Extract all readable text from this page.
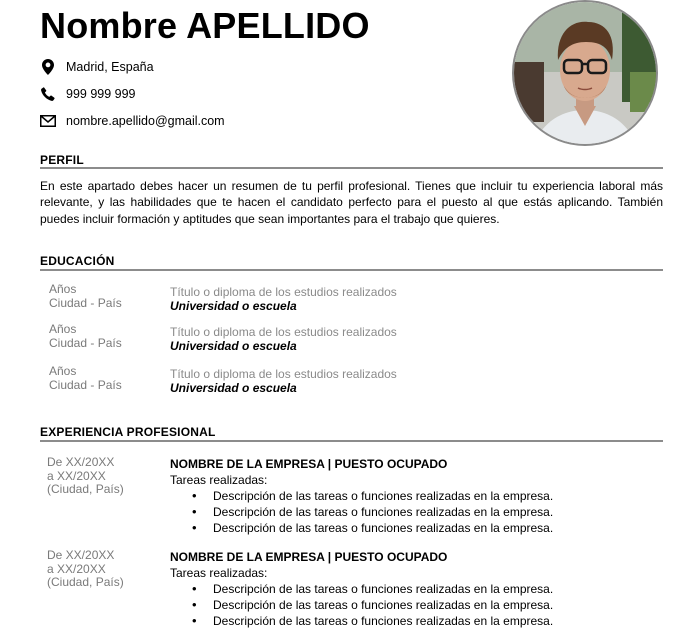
Nombre APELLIDO
Madrid, España
999 999 999
nombre.apellido@gmail.com
PERFIL

En este apartado debes hacer un resumen de tu perfil profesional. Tienes que incluir tu experiencia laboral más relevante, y las habilidades que te hacen el candidato perfecto para el puesto al que estás aplicando. También puedes incluir formación y aptitudes que sean importantes para el trabajo que quieres.

EDUCACIÓN
Años
Ciudad - País
Título o diploma de los estudios realizados
Universidad o escuela
Años
Ciudad - País
Título o diploma de los estudios realizados
Universidad o escuela
Años
Ciudad - País
Título o diploma de los estudios realizados
Universidad o escuela
EXPERIENCIA PROFESIONAL
De XX/20XX
a XX/20XX
(Ciudad, País)
NOMBRE DE LA EMPRESA | PUESTO OCUPADO
Tareas realizadas:
• Descripción de las tareas o funciones realizadas en la empresa.
• Descripción de las tareas o funciones realizadas en la empresa.
• Descripción de las tareas o funciones realizadas en la empresa.
De XX/20XX
a XX/20XX
(Ciudad, País)
NOMBRE DE LA EMPRESA | PUESTO OCUPADO
Tareas realizadas:
• Descripción de las tareas o funciones realizadas en la empresa.
• Descripción de las tareas o funciones realizadas en la empresa.
• Descripción de las tareas o funciones realizadas en la empresa.
